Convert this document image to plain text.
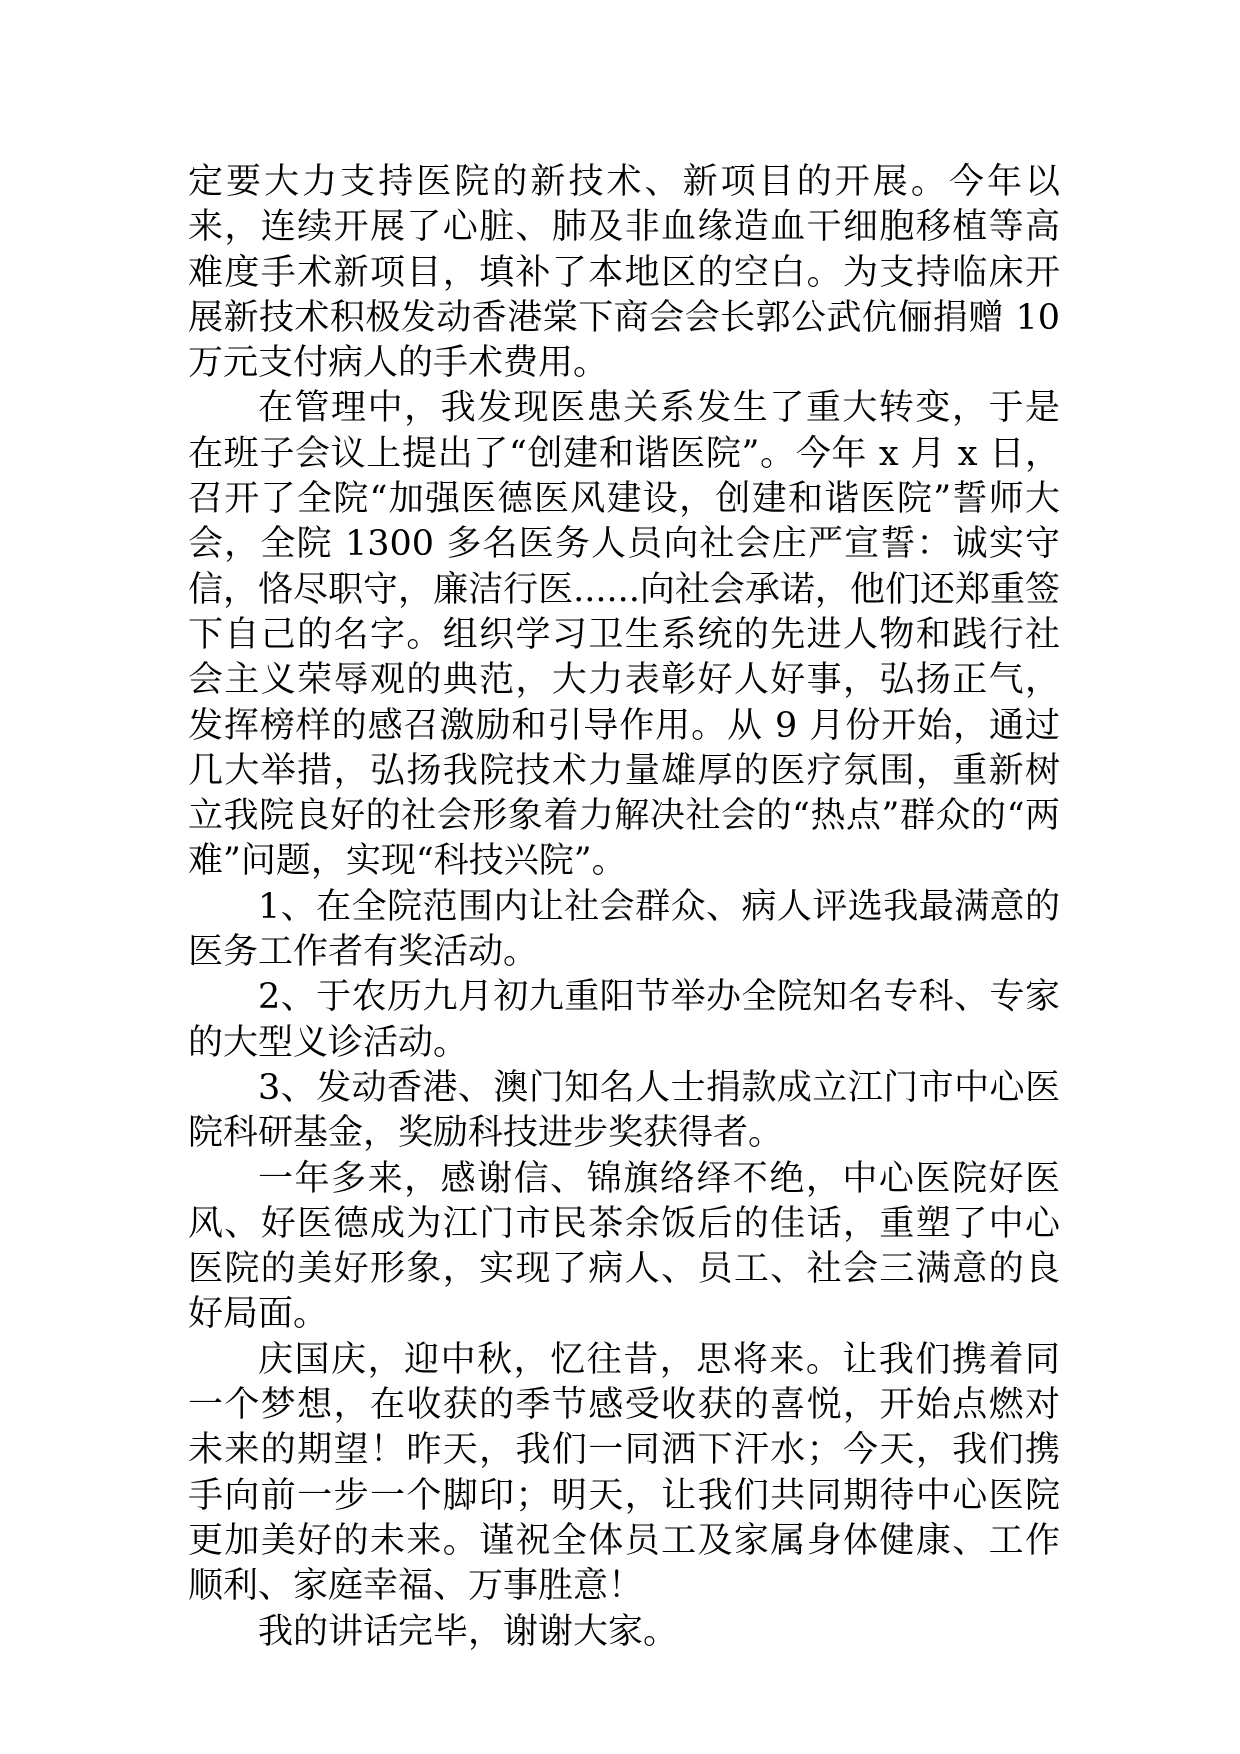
定要大力支持医院的新技术、新项目的开展。今年以来，连续开展了心脏、肺及非血缘造血干细胞移植等高难度手术新项目，填补了本地区的空白。为支持临床开展新技术积极发动香港棠下商会会长郭公武伉俪捐赠 10 万元支付病人的手术费用。

在管理中，我发现医患关系发生了重大转变，于是在班子会议上提出了“创建和谐医院”。今年 x 月 x 日，召开了全院“加强医德医风建设，创建和谐医院”誓师大会，全院 1300 多名医务人员向社会庄严宣誓：诚实守信，恪尽职守，廉洁行医......向社会承诺，他们还郑重签下自己的名字。组织学习卫生系统的先进人物和践行社会主义荣辱观的典范，大力表彰好人好事，弘扬正气，发挥榜样的感召激励和引导作用。从 9 月份开始，通过几大举措，弘扬我院技术力量雄厚的医疗氛围，重新树立我院良好的社会形象着力解决社会的“热点”群众的“两难”问题，实现“科技兴院”。

1、在全院范围内让社会群众、病人评选我最满意的医务工作者有奖活动。

2、于农历九月初九重阳节举办全院知名专科、专家的大型义诊活动。

3、发动香港、澳门知名人士捐款成立江门市中心医院科研基金，奖励科技进步奖获得者。

一年多来，感谢信、锦旗络绎不绝，中心医院好医风、好医德成为江门市民茶余饭后的佳话，重塑了中心医院的美好形象，实现了病人、员工、社会三满意的良好局面。

庆国庆，迎中秋，忆往昔，思将来。让我们携着同一个梦想，在收获的季节感受收获的喜悦，开始点燃对未来的期望！昨天，我们一同洒下汗水；今天，我们携手向前一步一个脚印；明天，让我们共同期待中心医院更加美好的未来。谨祝全体员工及家属身体健康、工作顺利、家庭幸福、万事胜意！

我的讲话完毕，谢谢大家。
